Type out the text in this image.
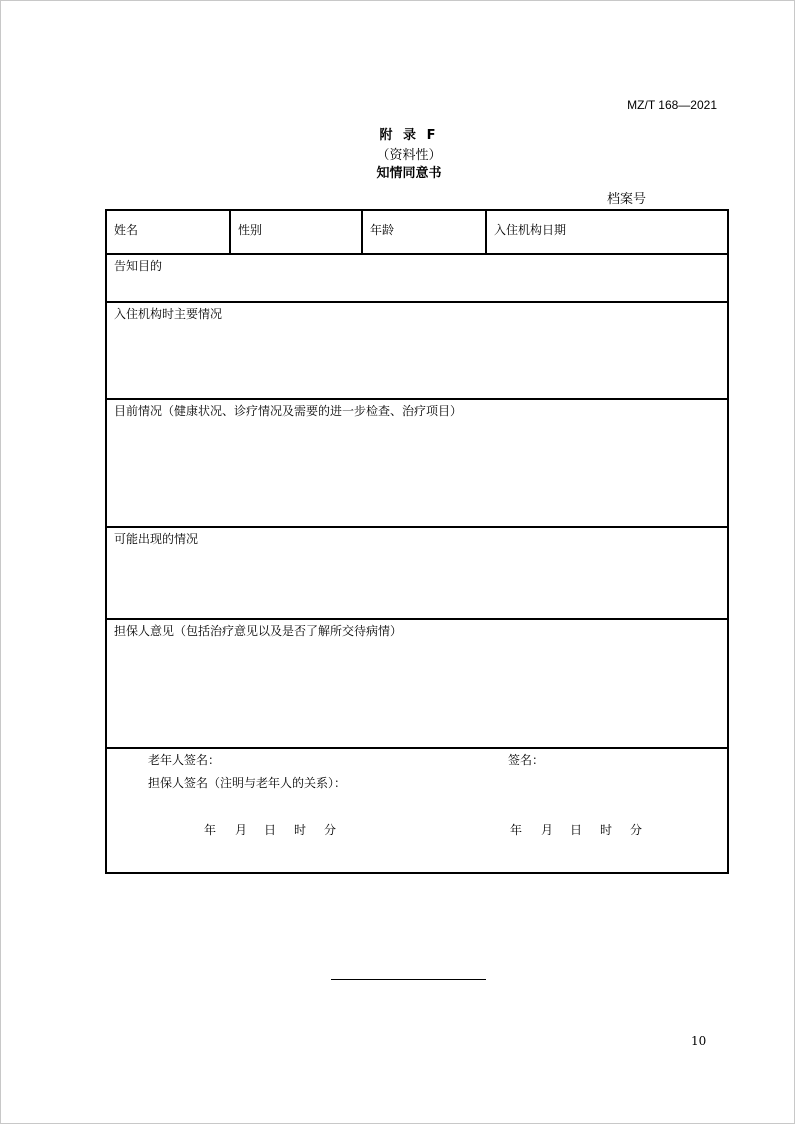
MZ/T 168—2021
附 录 F
（资料性）
知情同意书
档案号
姓名	性别	年龄	入住机构日期
告知目的
入住机构时主要情况
目前情况（健康状况、诊疗情况及需要的进一步检查、治疗项目）
可能出现的情况
担保人意见（包括治疗意见以及是否了解所交待病情）
老年人签名：	签名：
担保人签名（注明与老年人的关系）：
年 月 日 时 分	年 月 日 时 分
10
